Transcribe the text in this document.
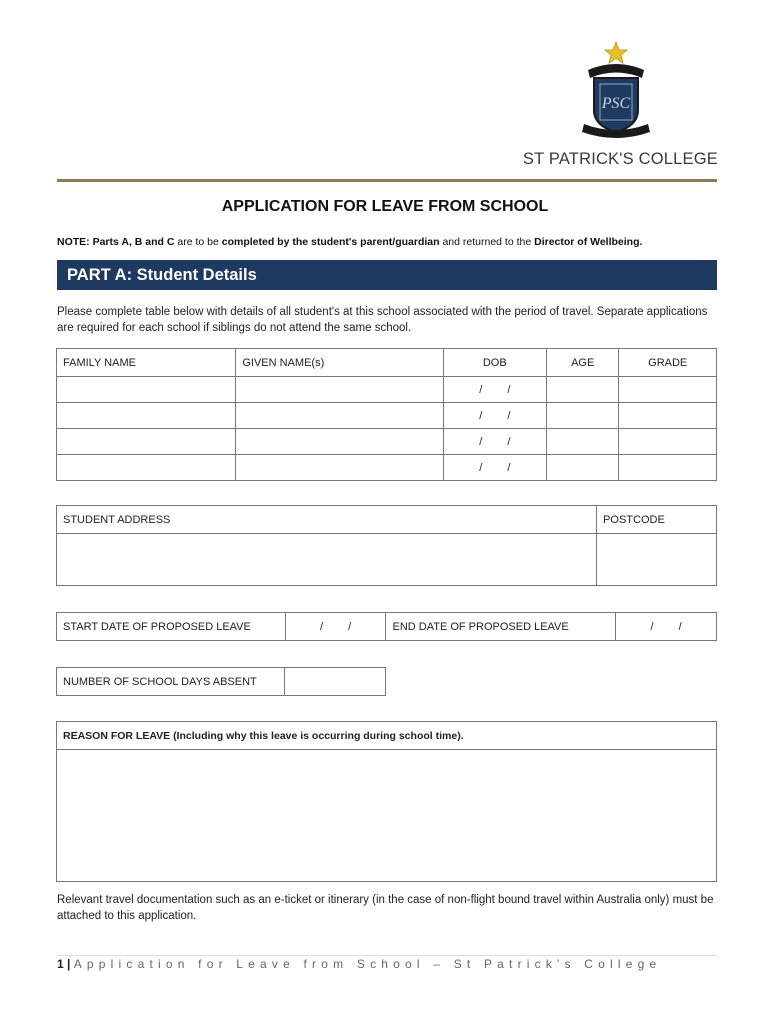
PSC
ST PATRICK'S COLLEGE
APPLICATION FOR LEAVE FROM SCHOOL
NOTE: Parts A, B and C are to be completed by the student's parent/guardian and returned to the Director of Wellbeing.
PART A: Student Details
Please complete table below with details of all student's at this school associated with the period of travel. Separate applications are required for each school if siblings do not attend the same school.
FAMILY NAME	GIVEN NAME(s)	DOB	AGE	GRADE
		/ /		
		/ /		
		/ /		
		/ /		
STUDENT ADDRESS	POSTCODE

START DATE OF PROPOSED LEAVE	/ /	END DATE OF PROPOSED LEAVE	/ /
NUMBER OF SCHOOL DAYS ABSENT	
REASON FOR LEAVE (Including why this leave is occurring during school time).

Relevant travel documentation such as an e-ticket or itinerary (in the case of non-flight bound travel within Australia only) must be attached to this application.
1 | Application for Leave from School – St Patrick's College
